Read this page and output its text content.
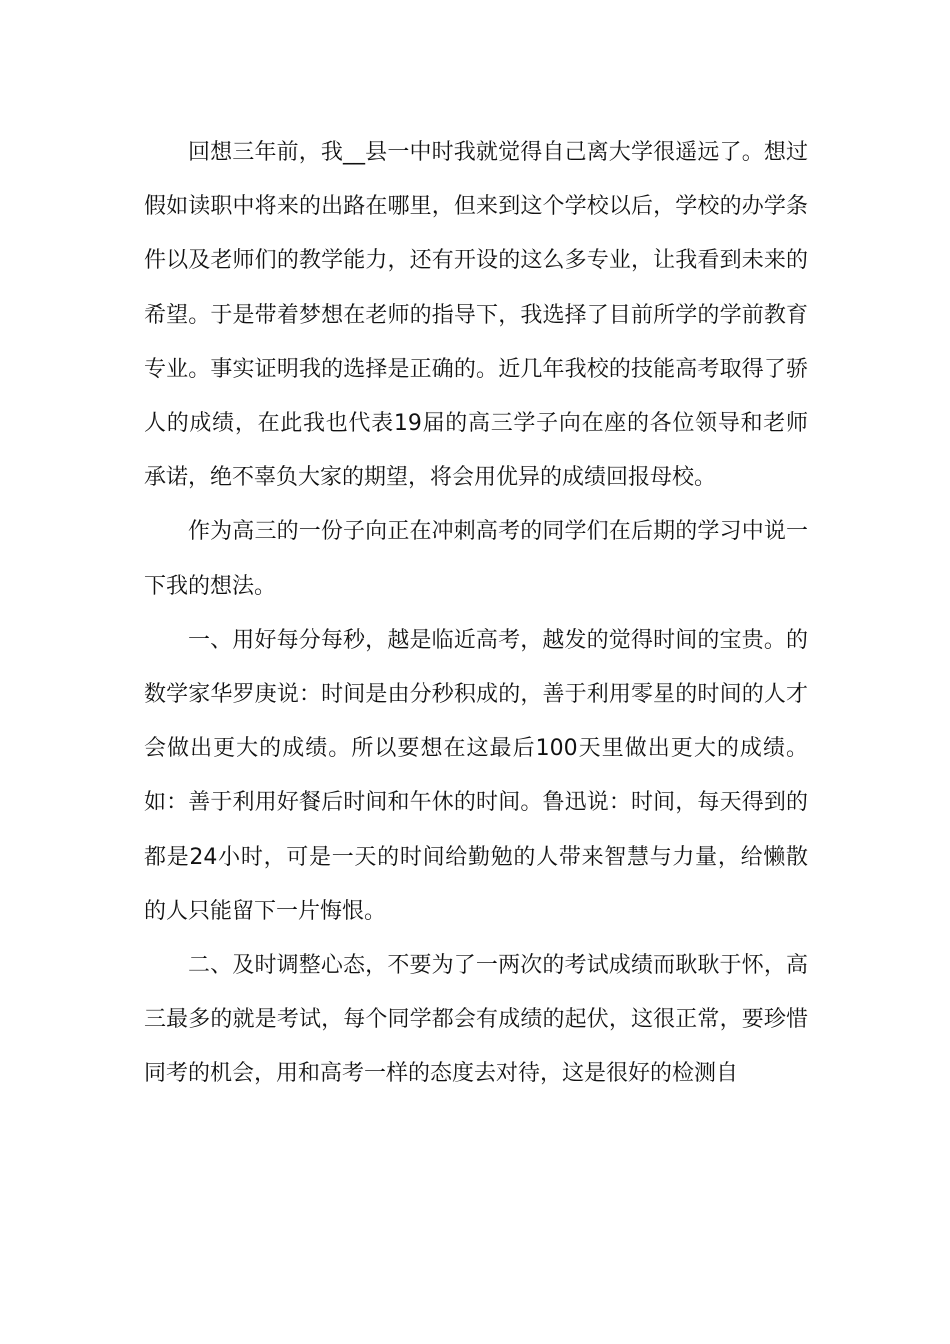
回想三年前，我__县一中时我就觉得自己离大学很遥远了。想过假如读职中将来的出路在哪里，但来到这个学校以后，学校的办学条件以及老师们的教学能力，还有开设的这么多专业，让我看到未来的希望。于是带着梦想在老师的指导下，我选择了目前所学的学前教育专业。事实证明我的选择是正确的。近几年我校的技能高考取得了骄人的成绩，在此我也代表19届的高三学子向在座的各位领导和老师承诺，绝不辜负大家的期望，将会用优异的成绩回报母校。

作为高三的一份子向正在冲刺高考的同学们在后期的学习中说一下我的想法。

一、用好每分每秒，越是临近高考，越发的觉得时间的宝贵。的数学家华罗庚说：时间是由分秒积成的，善于利用零星的时间的人才会做出更大的成绩。所以要想在这最后100天里做出更大的成绩。如：善于利用好餐后时间和午休的时间。鲁迅说：时间，每天得到的都是24小时，可是一天的时间给勤勉的人带来智慧与力量，给懒散的人只能留下一片悔恨。

二、及时调整心态，不要为了一两次的考试成绩而耿耿于怀，高三最多的就是考试，每个同学都会有成绩的起伏，这很正常，要珍惜同考的机会，用和高考一样的态度去对待，这是很好的检测自
